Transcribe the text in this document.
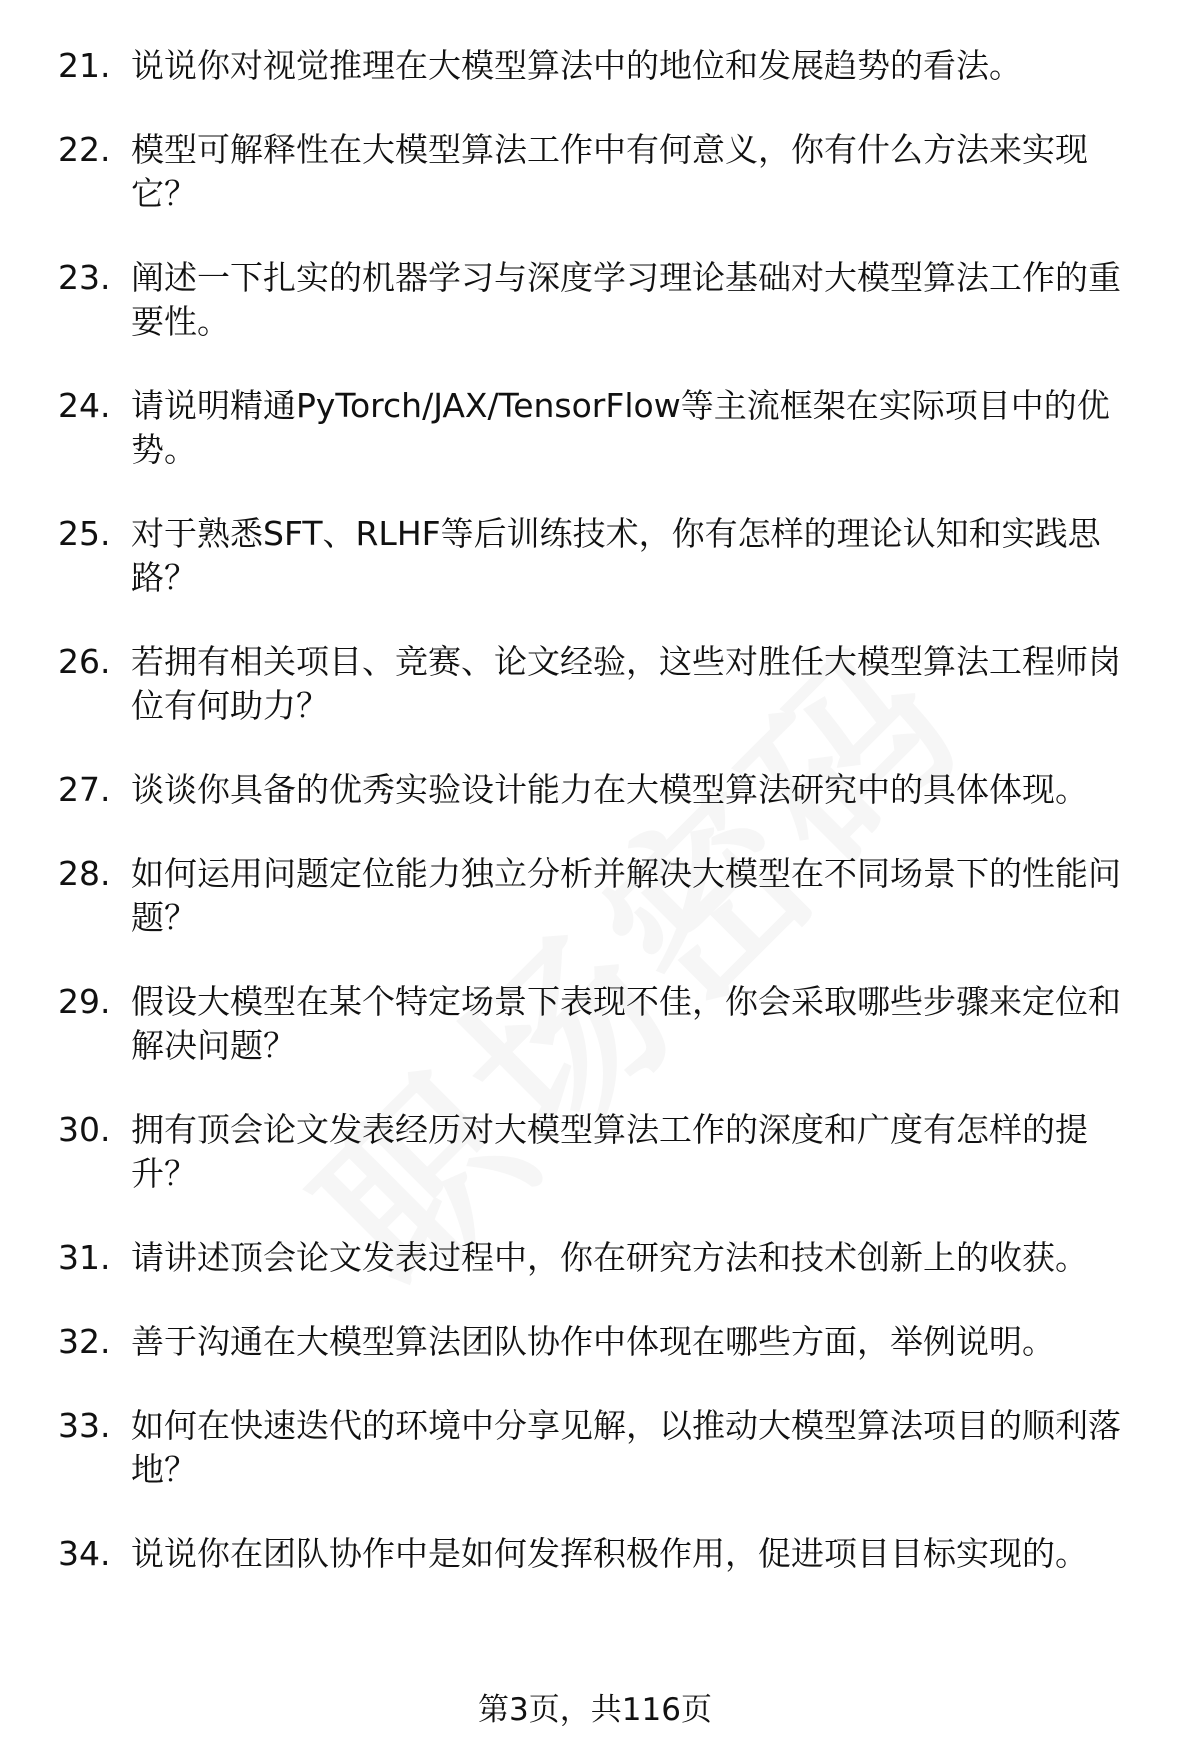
21. 说说你对视觉推理在大模型算法中的地位和发展趋势的看法。
22. 模型可解释性在大模型算法工作中有何意义，你有什么方法来实现它？
23. 阐述一下扎实的机器学习与深度学习理论基础对大模型算法工作的重要性。
24. 请说明精通PyTorch/JAX/TensorFlow等主流框架在实际项目中的优势。
25. 对于熟悉SFT、RLHF等后训练技术，你有怎样的理论认知和实践思路？
26. 若拥有相关项目、竞赛、论文经验，这些对胜任大模型算法工程师岗位有何助力？
27. 谈谈你具备的优秀实验设计能力在大模型算法研究中的具体体现。
28. 如何运用问题定位能力独立分析并解决大模型在不同场景下的性能问题？
29. 假设大模型在某个特定场景下表现不佳，你会采取哪些步骤来定位和解决问题？
30. 拥有顶会论文发表经历对大模型算法工作的深度和广度有怎样的提升？
31. 请讲述顶会论文发表过程中，你在研究方法和技术创新上的收获。
32. 善于沟通在大模型算法团队协作中体现在哪些方面，举例说明。
33. 如何在快速迭代的环境中分享见解，以推动大模型算法项目的顺利落地？
34. 说说你在团队协作中是如何发挥积极作用，促进项目目标实现的。
第3页，共116页
